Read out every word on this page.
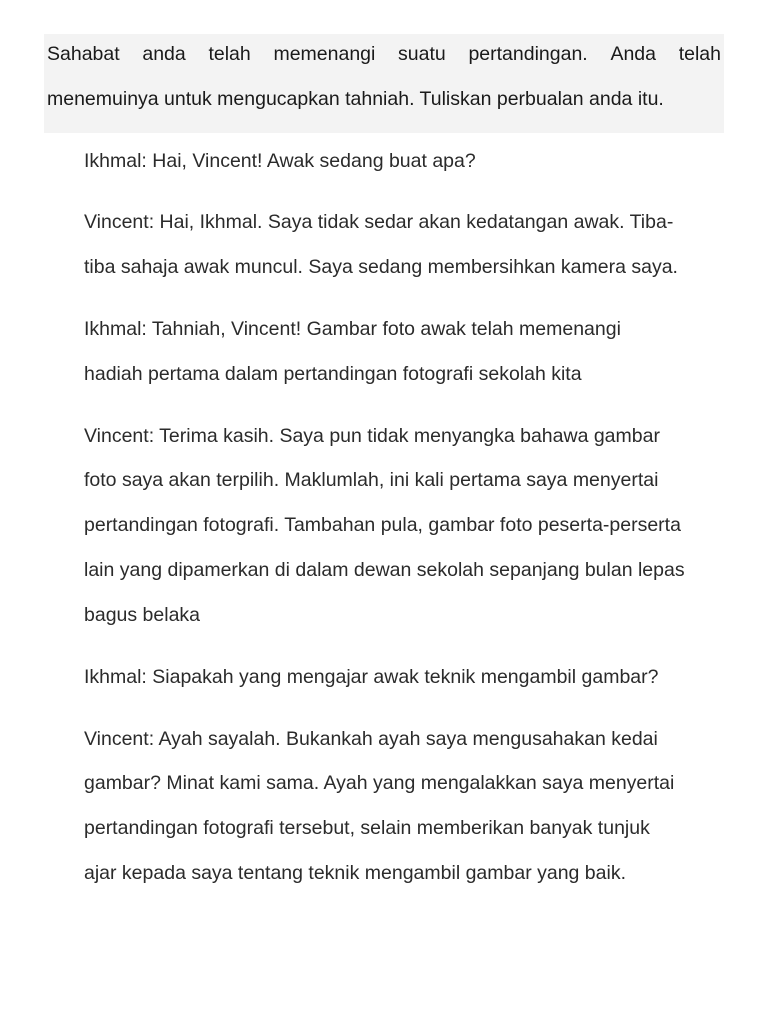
Sahabat anda telah memenangi suatu pertandingan. Anda telah
menemuinya untuk mengucapkan tahniah. Tuliskan perbualan anda itu.
Ikhmal: Hai, Vincent! Awak sedang buat apa?
Vincent: Hai, Ikhmal. Saya tidak sedar akan kedatangan awak. Tiba-
tiba sahaja awak muncul. Saya sedang membersihkan kamera saya.
Ikhmal: Tahniah, Vincent! Gambar foto awak telah memenangi
hadiah pertama dalam pertandingan fotografi sekolah kita
Vincent: Terima kasih. Saya pun tidak menyangka bahawa gambar
foto saya akan terpilih. Maklumlah, ini kali pertama saya menyertai
pertandingan fotografi. Tambahan pula, gambar foto peserta-perserta
lain yang dipamerkan di dalam dewan sekolah sepanjang bulan lepas
bagus belaka
Ikhmal: Siapakah yang mengajar awak teknik mengambil gambar?
Vincent: Ayah sayalah. Bukankah ayah saya mengusahakan kedai
gambar? Minat kami sama. Ayah yang mengalakkan saya menyertai
pertandingan fotografi tersebut, selain memberikan banyak tunjuk
ajar kepada saya tentang teknik mengambil gambar yang baik.
